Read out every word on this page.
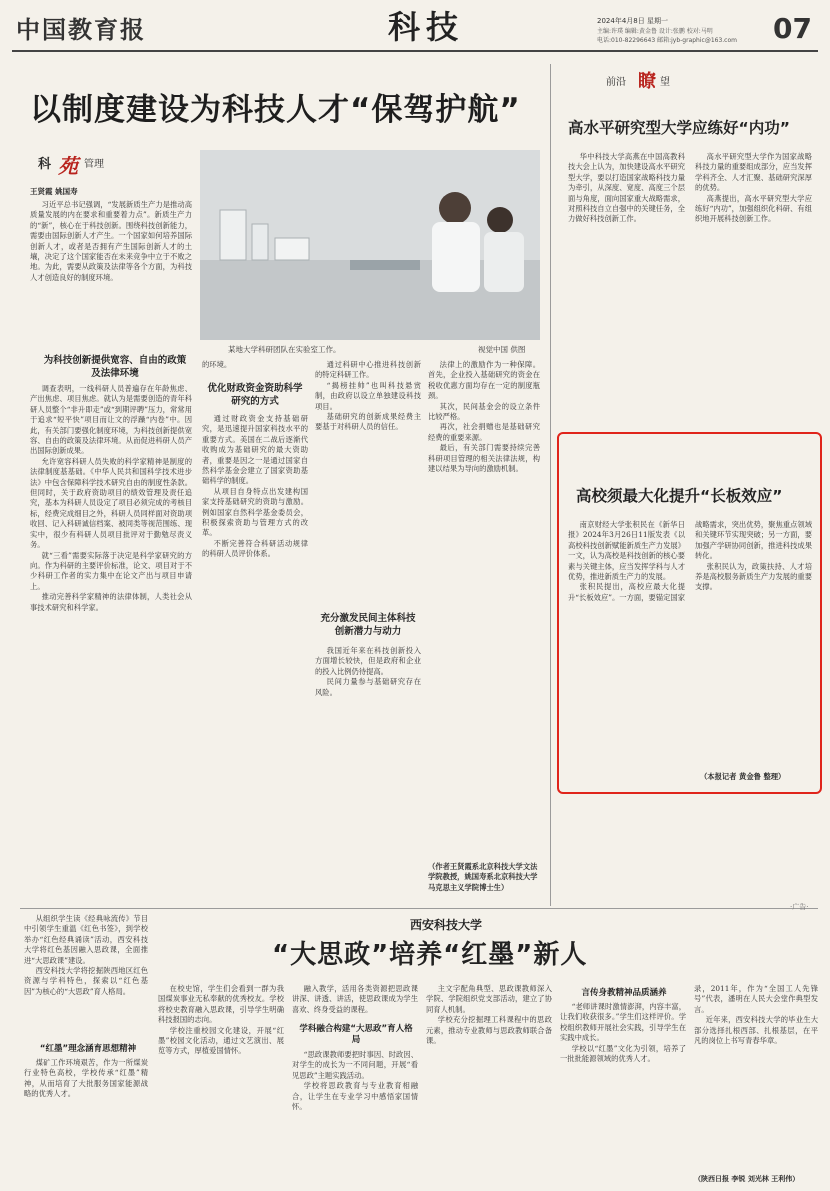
中国教育报	科技	2024年4月8日 星期一
主编:许璞 编辑:黄金鲁 设计:张鹏 校对:马明
电话:010-82296643 邮箱:jyb-graphic@163.com 07
以制度建设为科技人才“保驾护航”
科 苑 管理
王贤霞 姚国寿

习近平总书记强调，“发展新质生产力是推动高质量发展的内在要求和重要着力点”。新质生产力的“新”，核心在于科技创新。围绕科技创新能力，需要由国际创新人才产生。一个国家如何培养国际创新人才，或者是否拥有产生国际创新人才的土壤，决定了这个国家能否在未来竞争中立于不败之地。为此，需要从政策及法律等各个方面，为科技人才创造良好的制度环境。

为科技创新提供宽容、自由的政策及法律环境

调查表明，一线科研人员普遍存在年龄焦虑、产出焦虑、项目焦虑。就认为是需要创造的青年科研人员整个“非升即走”或“到期评聘”压力，常常用于追求“短平快”项目而让文的浮躁“内卷”中。因此，有关部门要强化制度环境，为科技创新提供宽容、自由的政策及法律环境。从而促进科研人员产出国际创新成果。

允许宽容科研人员失败的科学家精神是制度的法律制度基基础。《中华人民共和国科学技术进步法》中包含保障科学技术研究自由的制度性条款。但同时，关于政府资助项目的绩效管理及责任追究，基本为科研人员设定了项目必须完成的考核目标，经费完成细目之外，科研人员同样面对资助项收回、记入科研诚信档案、被同类等视范围练、现实中，很少有科研人员项目批评对于勤勉尽责义务。

就“三看”需要实际落于决定是科学家研究的方向。作为科研的主要评价标准，论文、项目对于不少科研工作者的实力集中在论文产出与项目申请上。

推动完善科学家精神的法律体制，人类社会从事技术研究和科学家。

某地大学科研团队在实验室工作。	视觉中国 供图

的环境。

优化财政资金资助科学研究的方式

通过财政资金支持基础研究，是迅速提升国家科技水平的重要方式。美国在二战后逐渐代收购成为基础研究的最大资助者，重要是因之一是通过国家自然科学基金会建立了国家资助基础科学的制度。

从项目自身特点出发建构国家支持基础研究的资助与激励。例如国家自然科学基金委员会，积极探索资助与管理方式的改革。

不断完善符合科研活动规律的科研人员评价体系。

通过科研中心推进科技创新的特定科研工作。

“揭榜挂帅”也叫科技悬赏制，由政府以设立单独建设科技项目。

基础研究的创新成果经费主要基于对科研人员的信任。

充分激发民间主体科技创新潜力与动力

我国近年来在科技创新投入方面增长较快，但是政府和企业的投入比例仍待提高。

民间力量参与基础研究存在风险。

法律上的激励作为一种保障。首先，企业投入基础研究的资金在税收优惠方面均存在一定的制度瓶颈。

其次，民间基金会的设立条件比较严格。

再次，社会捐赠也是基础研究经费的重要来源。

最后，有关部门需要持续完善科研项目管理的相关法律法规，构建以结果为导向的激励机制。

（作者王贤霞系北京科技大学文法学院教授，姚国寿系北京科技大学马克思主义学院博士生）
前沿 瞭 望
高水平研究型大学应练好“内功”

华中科技大学高燕在中国高教科技大会上认为，加快建设高水平研究型大学，要以打造国家战略科技力量为牵引，从深度、宽度、高度三个层面与角度，面向国家重大战略需求，对照科技自立自强中的关键任务，全力做好科技创新工作。

高水平研究型大学作为国家战略科技力量的重要组成部分，应当发挥学科齐全、人才汇聚、基础研究深厚的优势。

高燕提出，高水平研究型大学应练好“内功”，加强组织化科研、有组织地开展科技创新工作。

高校须最大化提升“长板效应”

南京财经大学张积民在《新华日报》2024年3月26日11版发表《以高校科技创新赋能新质生产力发展》一文，认为高校是科技创新的核心要素与关键主体，应当发挥学科与人才优势，推进新质生产力的发展。

张积民提出，高校应最大化提升“长板效应”。一方面，要锚定国家战略需求，突出优势，聚焦重点领域和关键环节实现突破；另一方面，要加强产学研协同创新，推进科技成果转化。

张积民认为，政策扶持、人才培养是高校服务新质生产力发展的重要支撑。

（本报记者 黄金鲁 整理）
·广告·

从组织学生读《经典咏流传》节目中引领学生重温《红色书签》，到学校举办“红色经典诵读”活动，西安科技大学将红色基因融入思政课，全面推进“大思政课”建设。

西安科技大学将挖掘陕西地区红色资源与学科特色，探索以“红色基因”为核心的“大思政”育人格局。

“红墨”理念涵育思想精神

煤矿工作环境艰苦，作为一所煤炭行业特色高校，学校传承“红墨”精神，从而培育了大批服务国家能源战略的优秀人才。

西安科技大学
“大思政”培养“红墨”新人

在校史馆，学生们会看到一群为我国煤炭事业无私奉献的优秀校友。学校将校史教育融入思政课，引导学生明确科技报国的志向。

学校注重校园文化建设，开展“红墨”校园文化活动，通过文艺演出、展览等方式，厚植爱国情怀。

融入教学，活用各类资源把思政课讲深、讲透、讲活，使思政课成为学生喜欢、终身受益的课程。

学科融合构建“大思政”育人格局

“思政课教师要把时事因、时政因、对学生的成长为一不同问题，开展“看见思政”主题实践活动。

学校将思政教育与专业教育相融合，让学生在专业学习中感悟家国情怀。

主文字配角典型、思政课教师深入学院、学院组织党支部活动，建立了协同育人机制。

学校充分挖掘理工科课程中的思政元素，推动专业教师与思政教师联合备课。

言传身教精神品质涵养

“老师讲课时激情澎湃，内容丰富，让我们收获很多。”学生们这样评价。学校组织教师开展社会实践，引导学生在实践中成长。

学校以“红墨”文化为引领，培养了一批批能源领域的优秀人才。

录，2011年，作为“全国工人先锋号”代表，潘明在人民大会堂作典型发言。

近年来，西安科技大学的毕业生大部分选择扎根西部、扎根基层，在平凡的岗位上书写青春华章。

（陕西日报 李锐 刘光林 王利伟）
